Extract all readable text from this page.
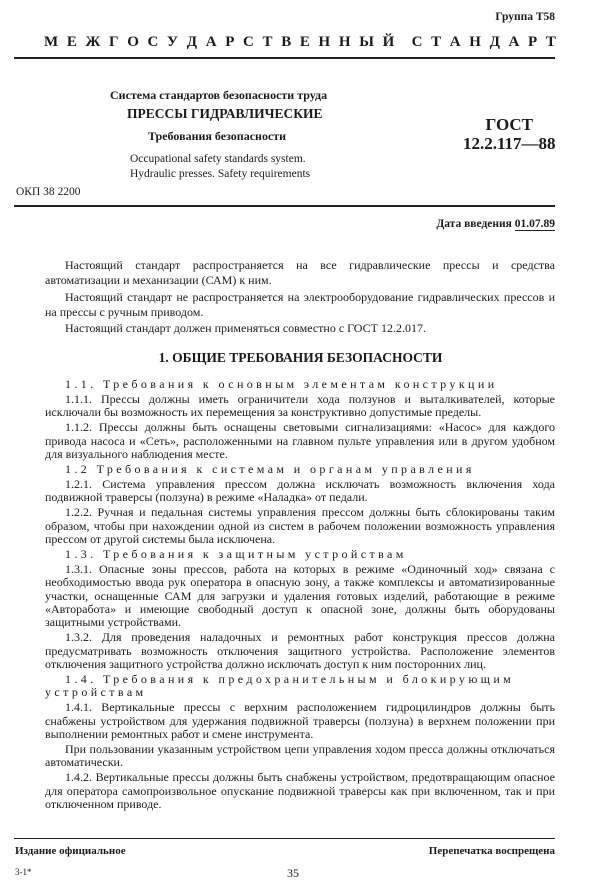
Группа Т58
М Е Ж Г О С У Д А Р С Т В Е Н Н Ы Й С Т А Н Д А Р Т
Система стандартов безопасности труда
ПРЕССЫ ГИДРАВЛИЧЕСКИЕ
Требования безопасности
Occupational safety standards system.
Hydraulic presses. Safety requirements
ГОСТ
12.2.117—88
ОКП 38 2200
Дата введения 01.07.89

Настоящий стандарт распространяется на все гидравлические прессы и средства автоматизации и механизации (САМ) к ним.

Настоящий стандарт не распространяется на электрооборудование гидравлических прессов и на прессы с ручным приводом.

Настоящий стандарт должен применяться совместно с ГОСТ 12.2.017.

1. ОБЩИЕ ТРЕБОВАНИЯ БЕЗОПАСНОСТИ

1.1. Требования к основным элементам конструкции

1.1.1. Прессы должны иметь ограничители хода ползунов и выталкивателей, которые исключали бы возможность их перемещения за конструктивно допустимые пределы.

1.1.2. Прессы должны быть оснащены световыми сигнализациями: «Насос» для каждого привода насоса и «Сеть», расположенными на главном пульте управления или в другом удобном для визуального наблюдения месте.

1.2 Требования к системам и органам управления

1.2.1. Система управления прессом должна исключать возможность включения хода подвижной траверсы (ползуна) в режиме «Наладка» от педали.

1.2.2. Ручная и педальная системы управления прессом должны быть сблокированы таким образом, чтобы при нахождении одной из систем в рабочем положении возможность управления прессом от другой системы была исключена.

1.3. Требования к защитным устройствам

1.3.1. Опасные зоны прессов, работа на которых в режиме «Одиночный ход» связана с необходимостью ввода рук оператора в опасную зону, а также комплексы и автоматизированные участки, оснащенные САМ для загрузки и удаления готовых изделий, работающие в режиме «Авторабота» и имеющие свободный доступ к опасной зоне, должны быть оборудованы защитными устройствами.

1.3.2. Для проведения наладочных и ремонтных работ конструкция прессов должна предусматривать возможность отключения защитного устройства. Расположение элементов отключения защитного устройства должно исключать доступ к ним посторонних лиц.

1.4. Требования к предохранительным и блокирующим устройствам

1.4.1. Вертикальные прессы с верхним расположением гидроцилиндров должны быть снабжены устройством для удержания подвижной траверсы (ползуна) в верхнем положении при выполнении ремонтных работ и смене инструмента.

При пользовании указанным устройством цепи управления ходом пресса должны отключаться автоматически.

1.4.2. Вертикальные прессы должны быть снабжены устройством, предотвращающим опасное для оператора самопроизвольное опускание подвижной траверсы как при включенном, так и при отключенном приводе.

Издание официальное	Перепечатка воспрещена
3-1*	35
